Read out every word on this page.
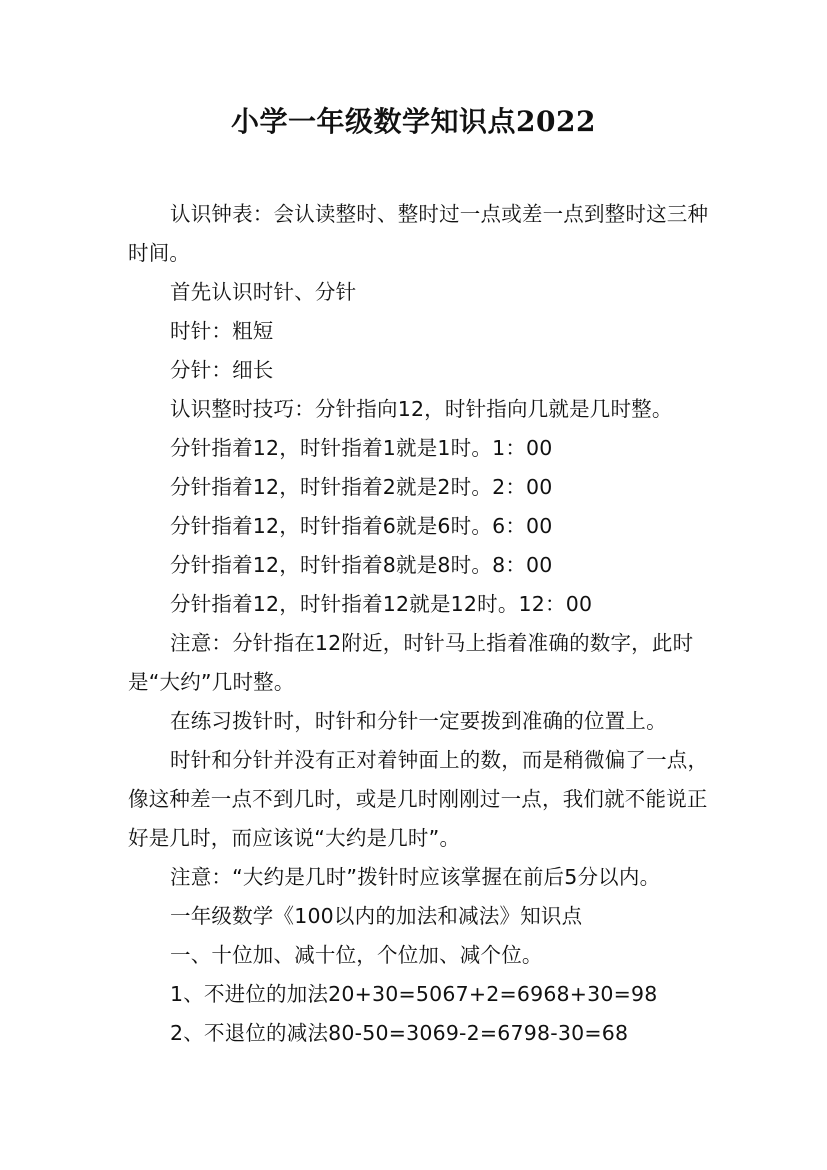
小学一年级数学知识点2022

认识钟表：会认读整时、整时过一点或差一点到整时这三种时间。

首先认识时针、分针

时针：粗短

分针：细长

认识整时技巧：分针指向12，时针指向几就是几时整。

分针指着12，时针指着1就是1时。1：00

分针指着12，时针指着2就是2时。2：00

分针指着12，时针指着6就是6时。6：00

分针指着12，时针指着8就是8时。8：00

分针指着12，时针指着12就是12时。12：00

注意：分针指在12附近，时针马上指着准确的数字，此时是“大约”几时整。

在练习拨针时，时针和分针一定要拨到准确的位置上。

时针和分针并没有正对着钟面上的数，而是稍微偏了一点，像这种差一点不到几时，或是几时刚刚过一点，我们就不能说正好是几时，而应该说“大约是几时”。

注意：“大约是几时”拨针时应该掌握在前后5分以内。

一年级数学《100以内的加法和减法》知识点

一、十位加、减十位，个位加、减个位。

1、不进位的加法20+30=5067+2=6968+30=98

2、不退位的减法80-50=3069-2=6798-30=68
